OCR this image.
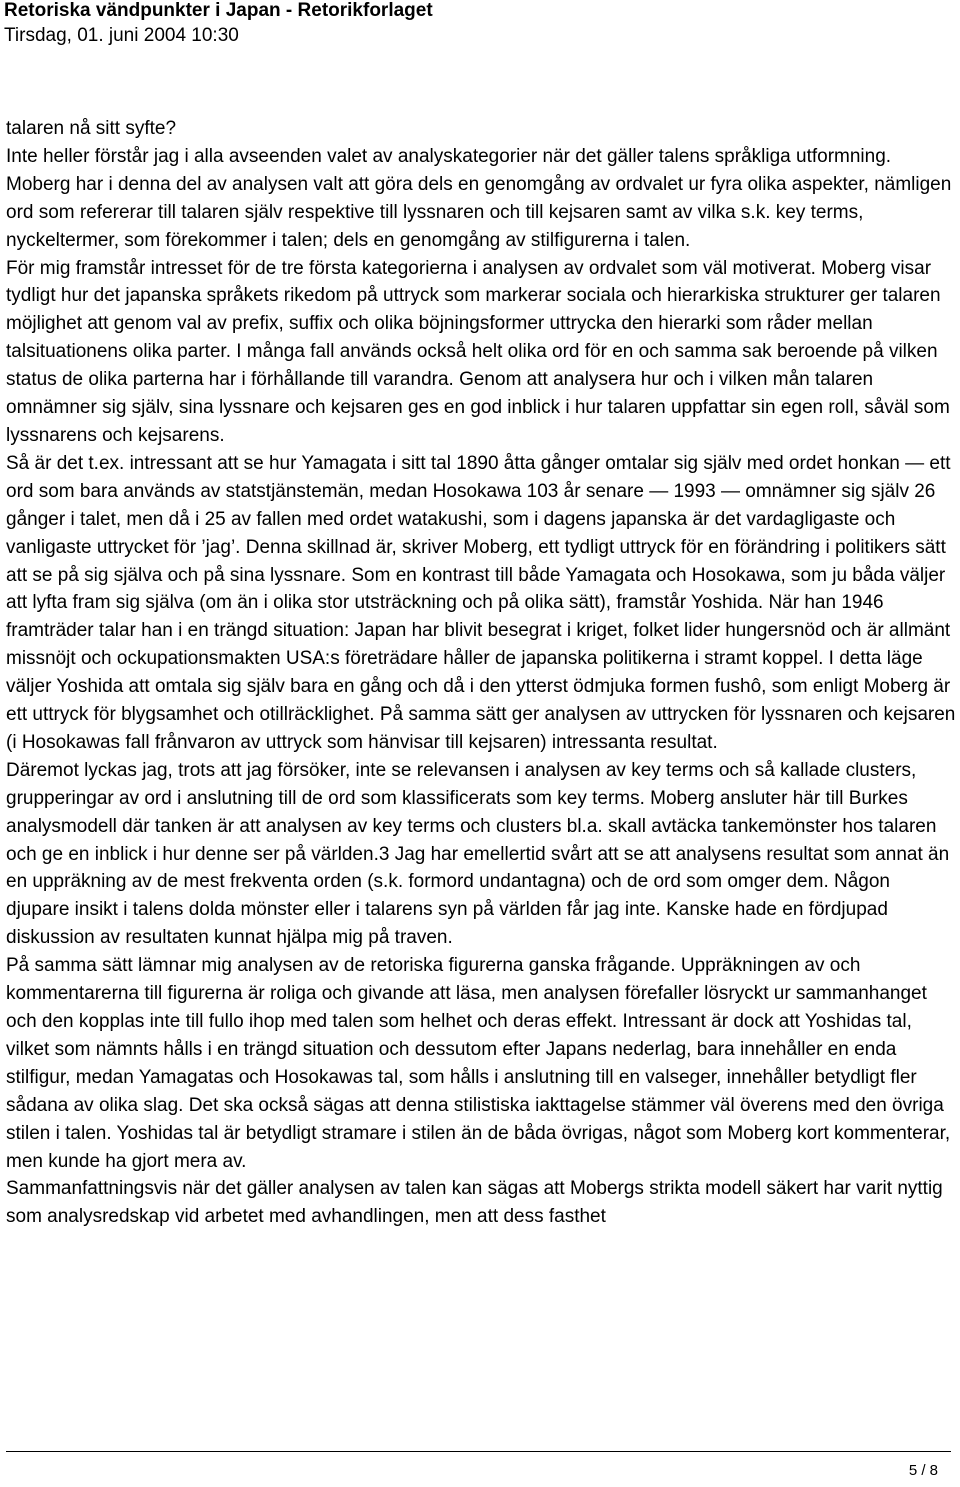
Retoriska vändpunkter i Japan - Retorikforlaget
Tirsdag, 01. juni 2004 10:30

talaren nå sitt syfte?

Inte heller förstår jag i alla avseenden valet av analyskategorier när det gäller talens språkliga utformning. Moberg har i denna del av analysen valt att göra dels en genomgång av ordvalet ur fyra olika aspekter, nämligen ord som refererar till talaren själv respektive till lyssnaren och till kejsaren samt av vilka s.k. key terms, nyckeltermer, som förekommer i talen; dels en genomgång av stilfigurerna i talen.

För mig framstår intresset för de tre första kategorierna i analysen av ordvalet som väl motiverat. Moberg visar tydligt hur det japanska språkets rikedom på uttryck som markerar sociala och hierarkiska strukturer ger talaren möjlighet att genom val av prefix, suffix och olika böjningsformer uttrycka den hierarki som råder mellan talsituationens olika parter. I många fall används också helt olika ord för en och samma sak beroende på vilken status de olika parterna har i förhållande till varandra. Genom att analysera hur och i vilken mån talaren omnämner sig själv, sina lyssnare och kejsaren ges en god inblick i hur talaren uppfattar sin egen roll, såväl som lyssnarens och kejsarens.

Så är det t.ex. intressant att se hur Yamagata i sitt tal 1890 åtta gånger omtalar sig själv med ordet honkan — ett ord som bara används av statstjänstemän, medan Hosokawa 103 år senare — 1993 — omnämner sig själv 26 gånger i talet, men då i 25 av fallen med ordet watakushi, som i dagens japanska är det vardagligaste och vanligaste uttrycket för ’jag’. Denna skillnad är, skriver Moberg, ett tydligt uttryck för en förändring i politikers sätt att se på sig själva och på sina lyssnare. Som en kontrast till både Yamagata och Hosokawa, som ju båda väljer att lyfta fram sig själva (om än i olika stor utsträckning och på olika sätt), framstår Yoshida. När han 1946 framträder talar han i en trängd situation: Japan har blivit besegrat i kriget, folket lider hungersnöd och är allmänt missnöjt och ockupationsmakten USA:s företrädare håller de japanska politikerna i stramt koppel. I detta läge väljer Yoshida att omtala sig själv bara en gång och då i den ytterst ödmjuka formen fushô, som enligt Moberg är ett uttryck för blygsamhet och otillräcklighet. På samma sätt ger analysen av uttrycken för lyssnaren och kejsaren (i Hosokawas fall frånvaron av uttryck som hänvisar till kejsaren) intressanta resultat.

Däremot lyckas jag, trots att jag försöker, inte se relevansen i analysen av key terms och så kallade clusters, grupperingar av ord i anslutning till de ord som klassificerats som key terms. Moberg ansluter här till Burkes analysmodell där tanken är att analysen av key terms och clusters bl.a. skall avtäcka tankemönster hos talaren och ge en inblick i hur denne ser på världen.3 Jag har emellertid svårt att se att analysens resultat som annat än en uppräkning av de mest frekventa orden (s.k. formord undantagna) och de ord som omger dem. Någon djupare insikt i talens dolda mönster eller i talarens syn på världen får jag inte. Kanske hade en fördjupad diskussion av resultaten kunnat hjälpa mig på traven.

På samma sätt lämnar mig analysen av de retoriska figurerna ganska frågande. Uppräkningen av och kommentarerna till figurerna är roliga och givande att läsa, men analysen förefaller lösryckt ur sammanhanget och den kopplas inte till fullo ihop med talen som helhet och deras effekt. Intressant är dock att Yoshidas tal, vilket som nämnts hålls i en trängd situation och dessutom efter Japans nederlag, bara innehåller en enda stilfigur, medan Yamagatas och Hosokawas tal, som hålls i anslutning till en valseger, innehåller betydligt fler sådana av olika slag. Det ska också sägas att denna stilistiska iakttagelse stämmer väl överens med den övriga stilen i talen. Yoshidas tal är betydligt stramare i stilen än de båda övrigas, något som Moberg kort kommenterar, men kunde ha gjort mera av.

Sammanfattningsvis när det gäller analysen av talen kan sägas att Mobergs strikta modell säkert har varit nyttig som analysredskap vid arbetet med avhandlingen, men att dess fasthet

5 / 8
